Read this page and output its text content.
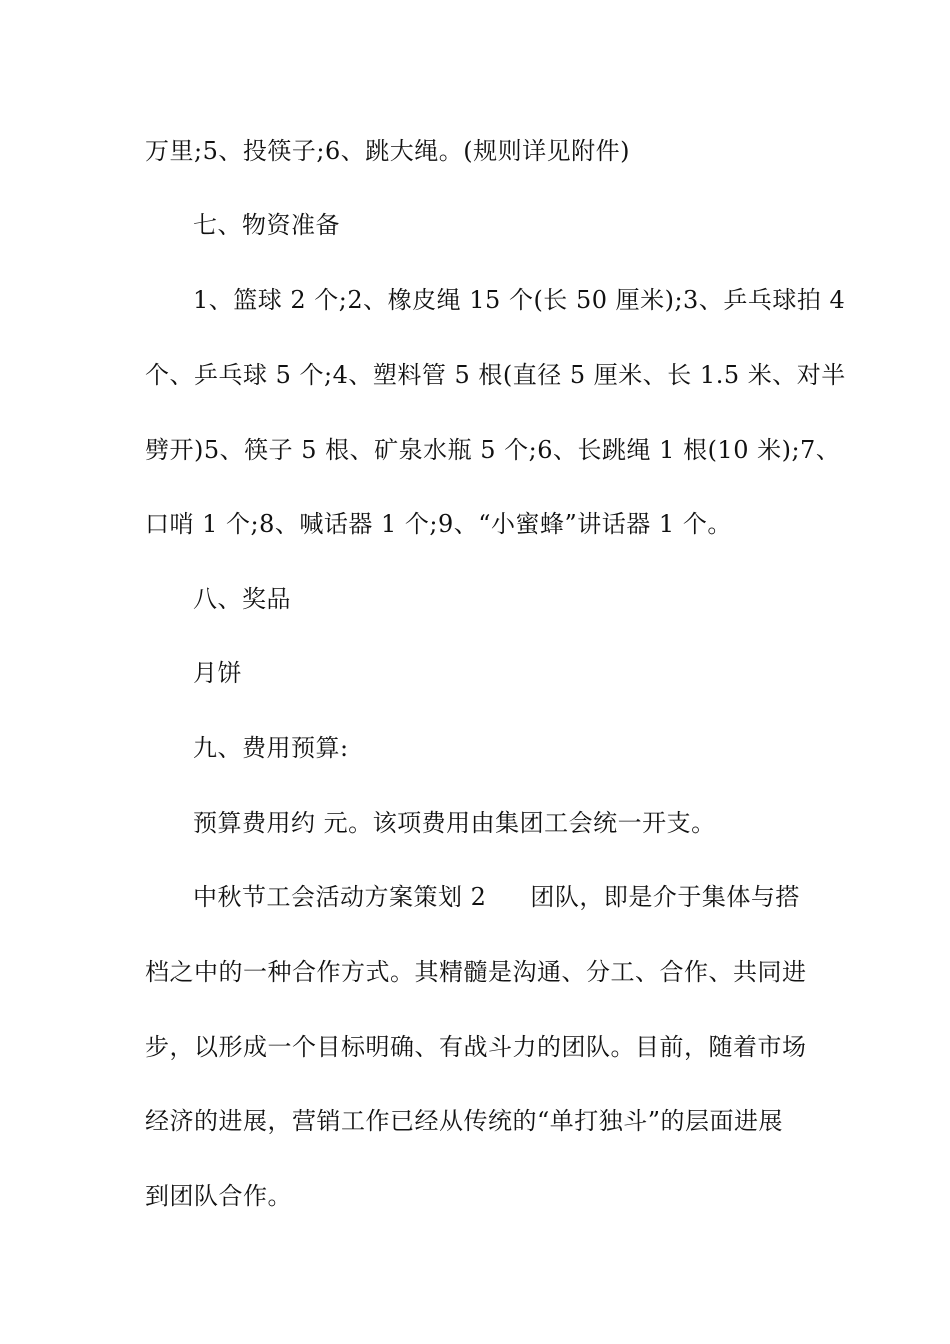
万里;5、投筷子;6、跳大绳。(规则详见附件)
七、物资准备
1、篮球 2 个;2、橡皮绳 15 个(长 50 厘米);3、乒乓球拍 4
个、乒乓球 5 个;4、塑料管 5 根(直径 5 厘米、长 1.5 米、对半
劈开)5、筷子 5 根、矿泉水瓶 5 个;6、长跳绳 1 根(10 米);7、
口哨 1 个;8、喊话器 1 个;9、“小蜜蜂”讲话器 1 个。
八、奖品
月饼
九、费用预算:
预算费用约 元。该项费用由集团工会统一开支。
中秋节工会活动方案策划 2 团队，即是介于集体与搭
档之中的一种合作方式。其精髓是沟通、分工、合作、共同进
步，以形成一个目标明确、有战斗力的团队。目前，随着市场
经济的进展，营销工作已经从传统的“单打独斗”的层面进展
到团队合作。
